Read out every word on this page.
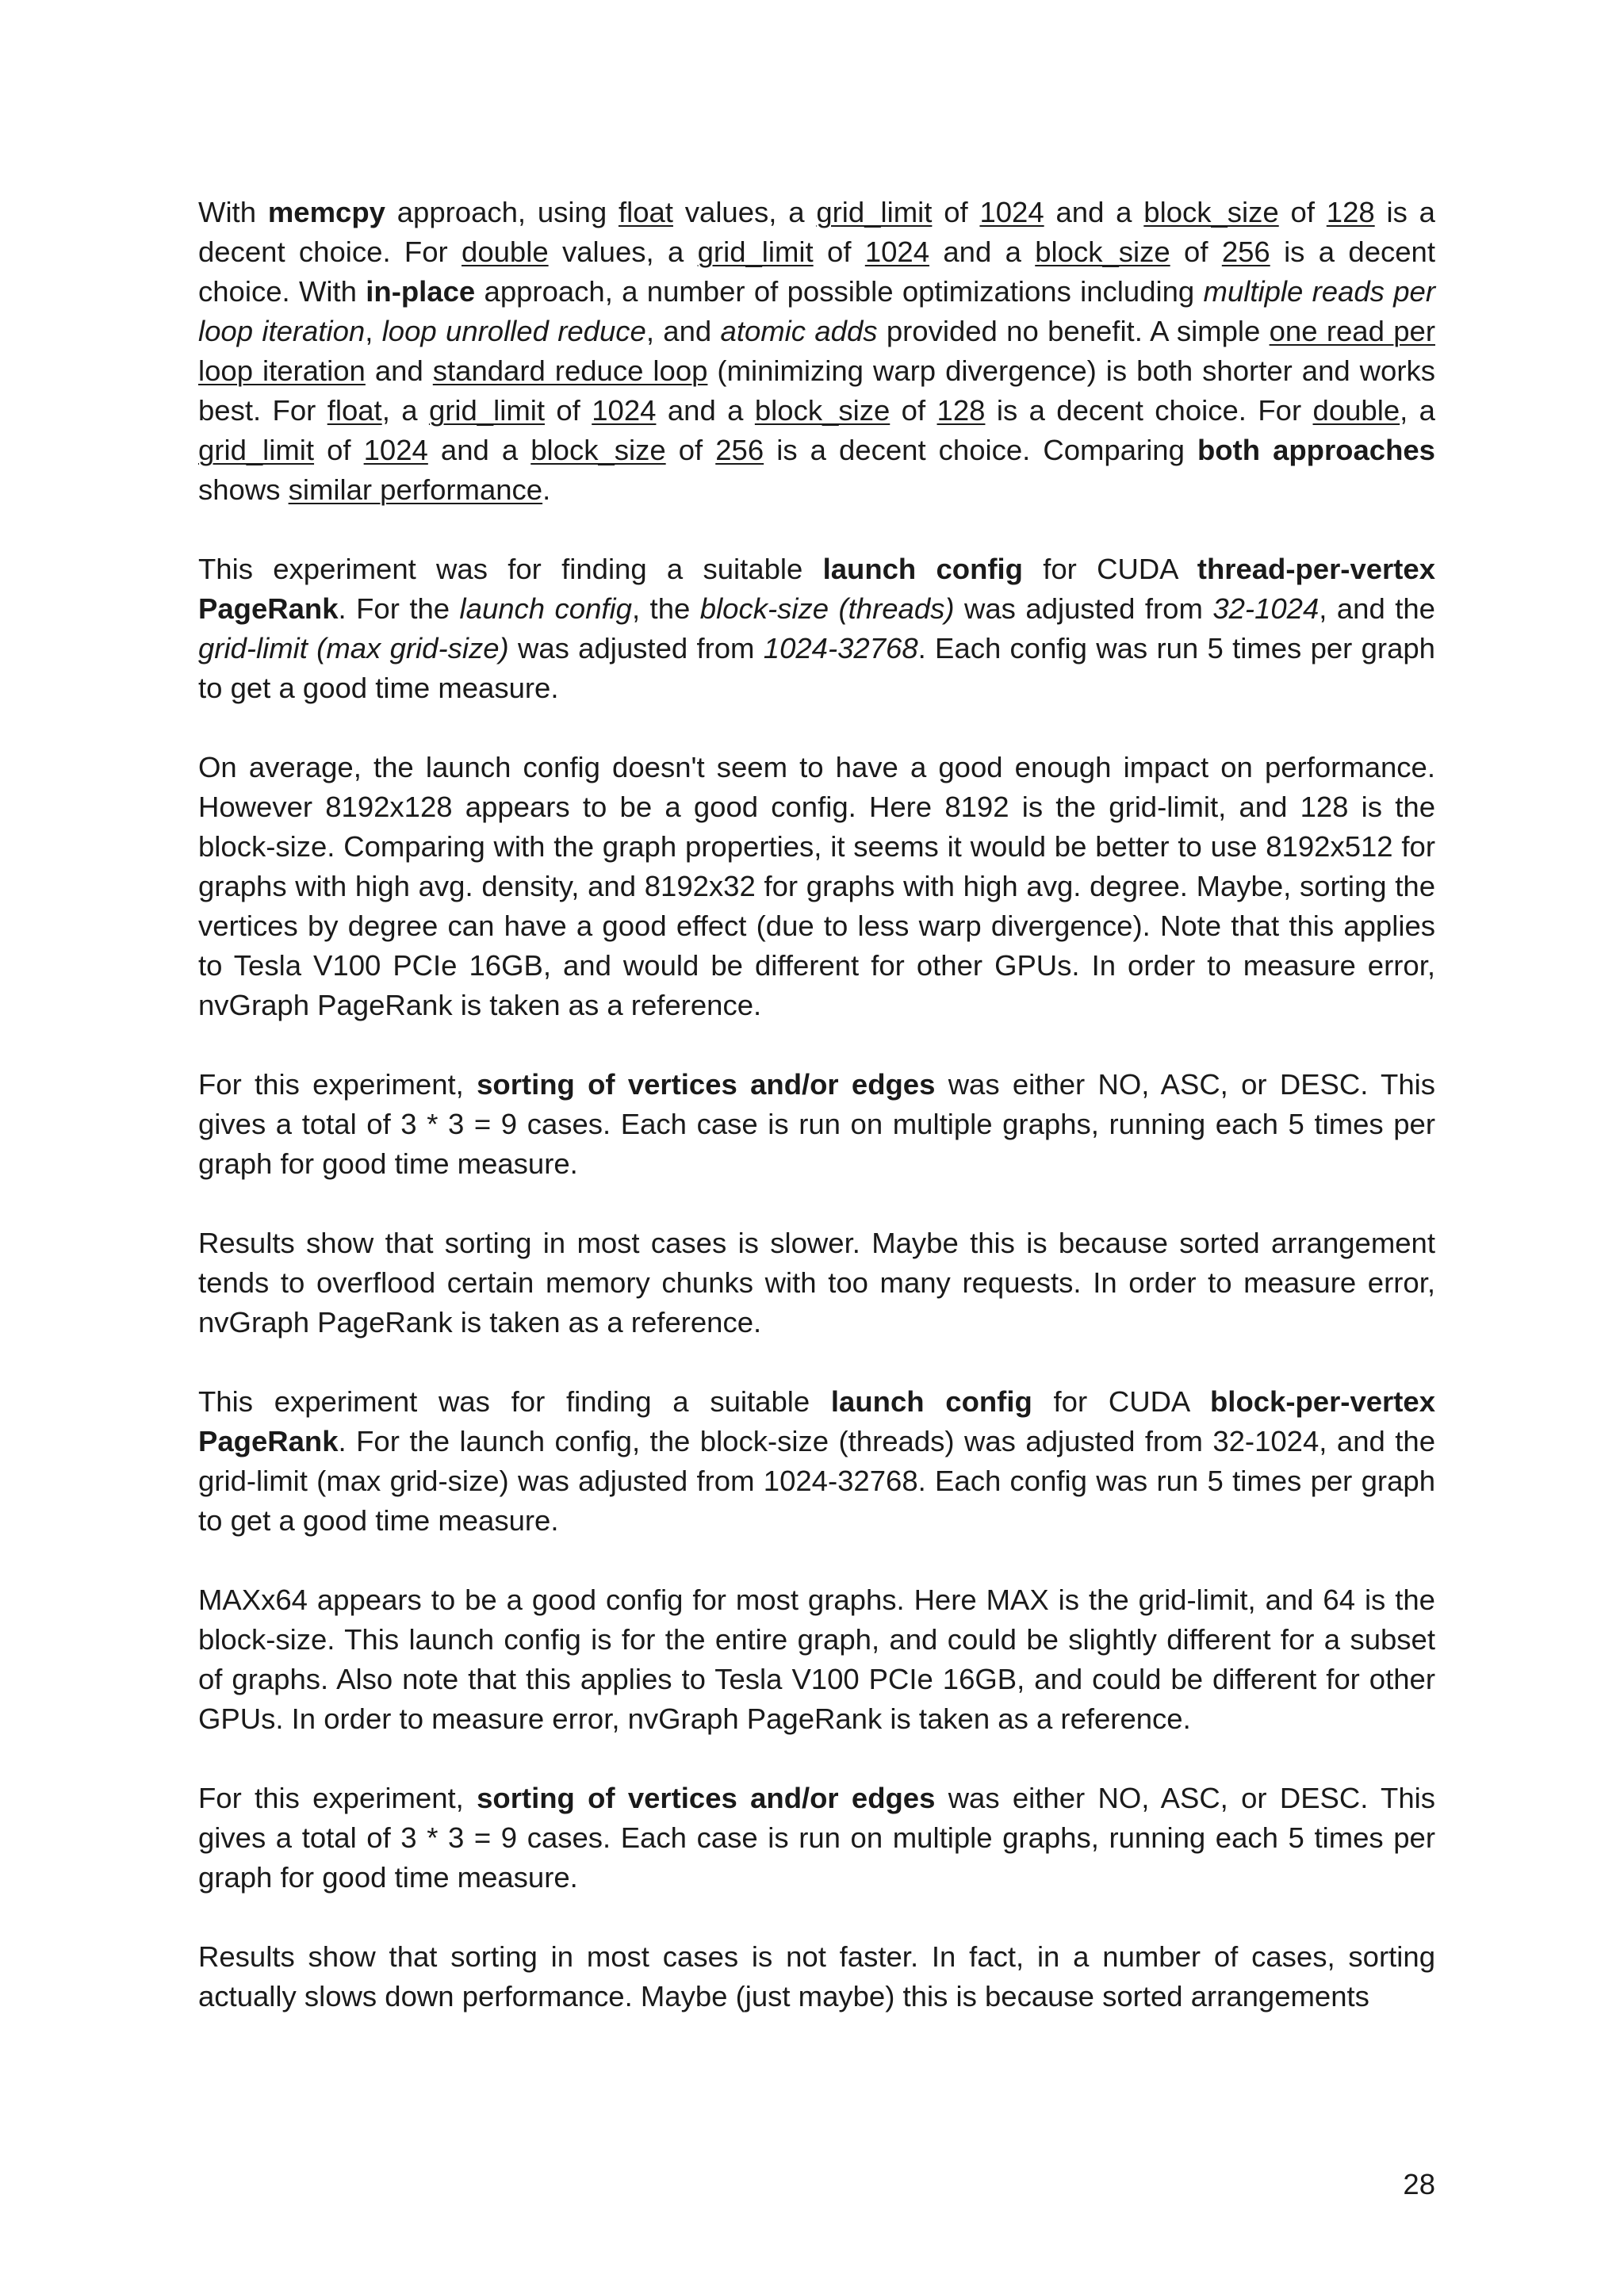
With memcpy approach, using float values, a grid_limit of 1024 and a block_size of 128 is a decent choice. For double values, a grid_limit of 1024 and a block_size of 256 is a decent choice. With in-place approach, a number of possible optimizations including multiple reads per loop iteration, loop unrolled reduce, and atomic adds provided no benefit. A simple one read per loop iteration and standard reduce loop (minimizing warp divergence) is both shorter and works best. For float, a grid_limit of 1024 and a block_size of 128 is a decent choice. For double, a grid_limit of 1024 and a block_size of 256 is a decent choice. Comparing both approaches shows similar performance.

This experiment was for finding a suitable launch config for CUDA thread-per-vertex PageRank. For the launch config, the block-size (threads) was adjusted from 32-1024, and the grid-limit (max grid-size) was adjusted from 1024-32768. Each config was run 5 times per graph to get a good time measure.

On average, the launch config doesn't seem to have a good enough impact on performance. However 8192x128 appears to be a good config. Here 8192 is the grid-limit, and 128 is the block-size. Comparing with the graph properties, it seems it would be better to use 8192x512 for graphs with high avg. density, and 8192x32 for graphs with high avg. degree. Maybe, sorting the vertices by degree can have a good effect (due to less warp divergence). Note that this applies to Tesla V100 PCIe 16GB, and would be different for other GPUs. In order to measure error, nvGraph PageRank is taken as a reference.

For this experiment, sorting of vertices and/or edges was either NO, ASC, or DESC. This gives a total of 3 * 3 = 9 cases. Each case is run on multiple graphs, running each 5 times per graph for good time measure.

Results show that sorting in most cases is slower. Maybe this is because sorted arrangement tends to overflood certain memory chunks with too many requests. In order to measure error, nvGraph PageRank is taken as a reference.

This experiment was for finding a suitable launch config for CUDA block-per-vertex PageRank. For the launch config, the block-size (threads) was adjusted from 32-1024, and the grid-limit (max grid-size) was adjusted from 1024-32768. Each config was run 5 times per graph to get a good time measure.

MAXx64 appears to be a good config for most graphs. Here MAX is the grid-limit, and 64 is the block-size. This launch config is for the entire graph, and could be slightly different for a subset of graphs. Also note that this applies to Tesla V100 PCIe 16GB, and could be different for other GPUs. In order to measure error, nvGraph PageRank is taken as a reference.

For this experiment, sorting of vertices and/or edges was either NO, ASC, or DESC. This gives a total of 3 * 3 = 9 cases. Each case is run on multiple graphs, running each 5 times per graph for good time measure.

Results show that sorting in most cases is not faster. In fact, in a number of cases, sorting actually slows down performance. Maybe (just maybe) this is because sorted arrangements

28
